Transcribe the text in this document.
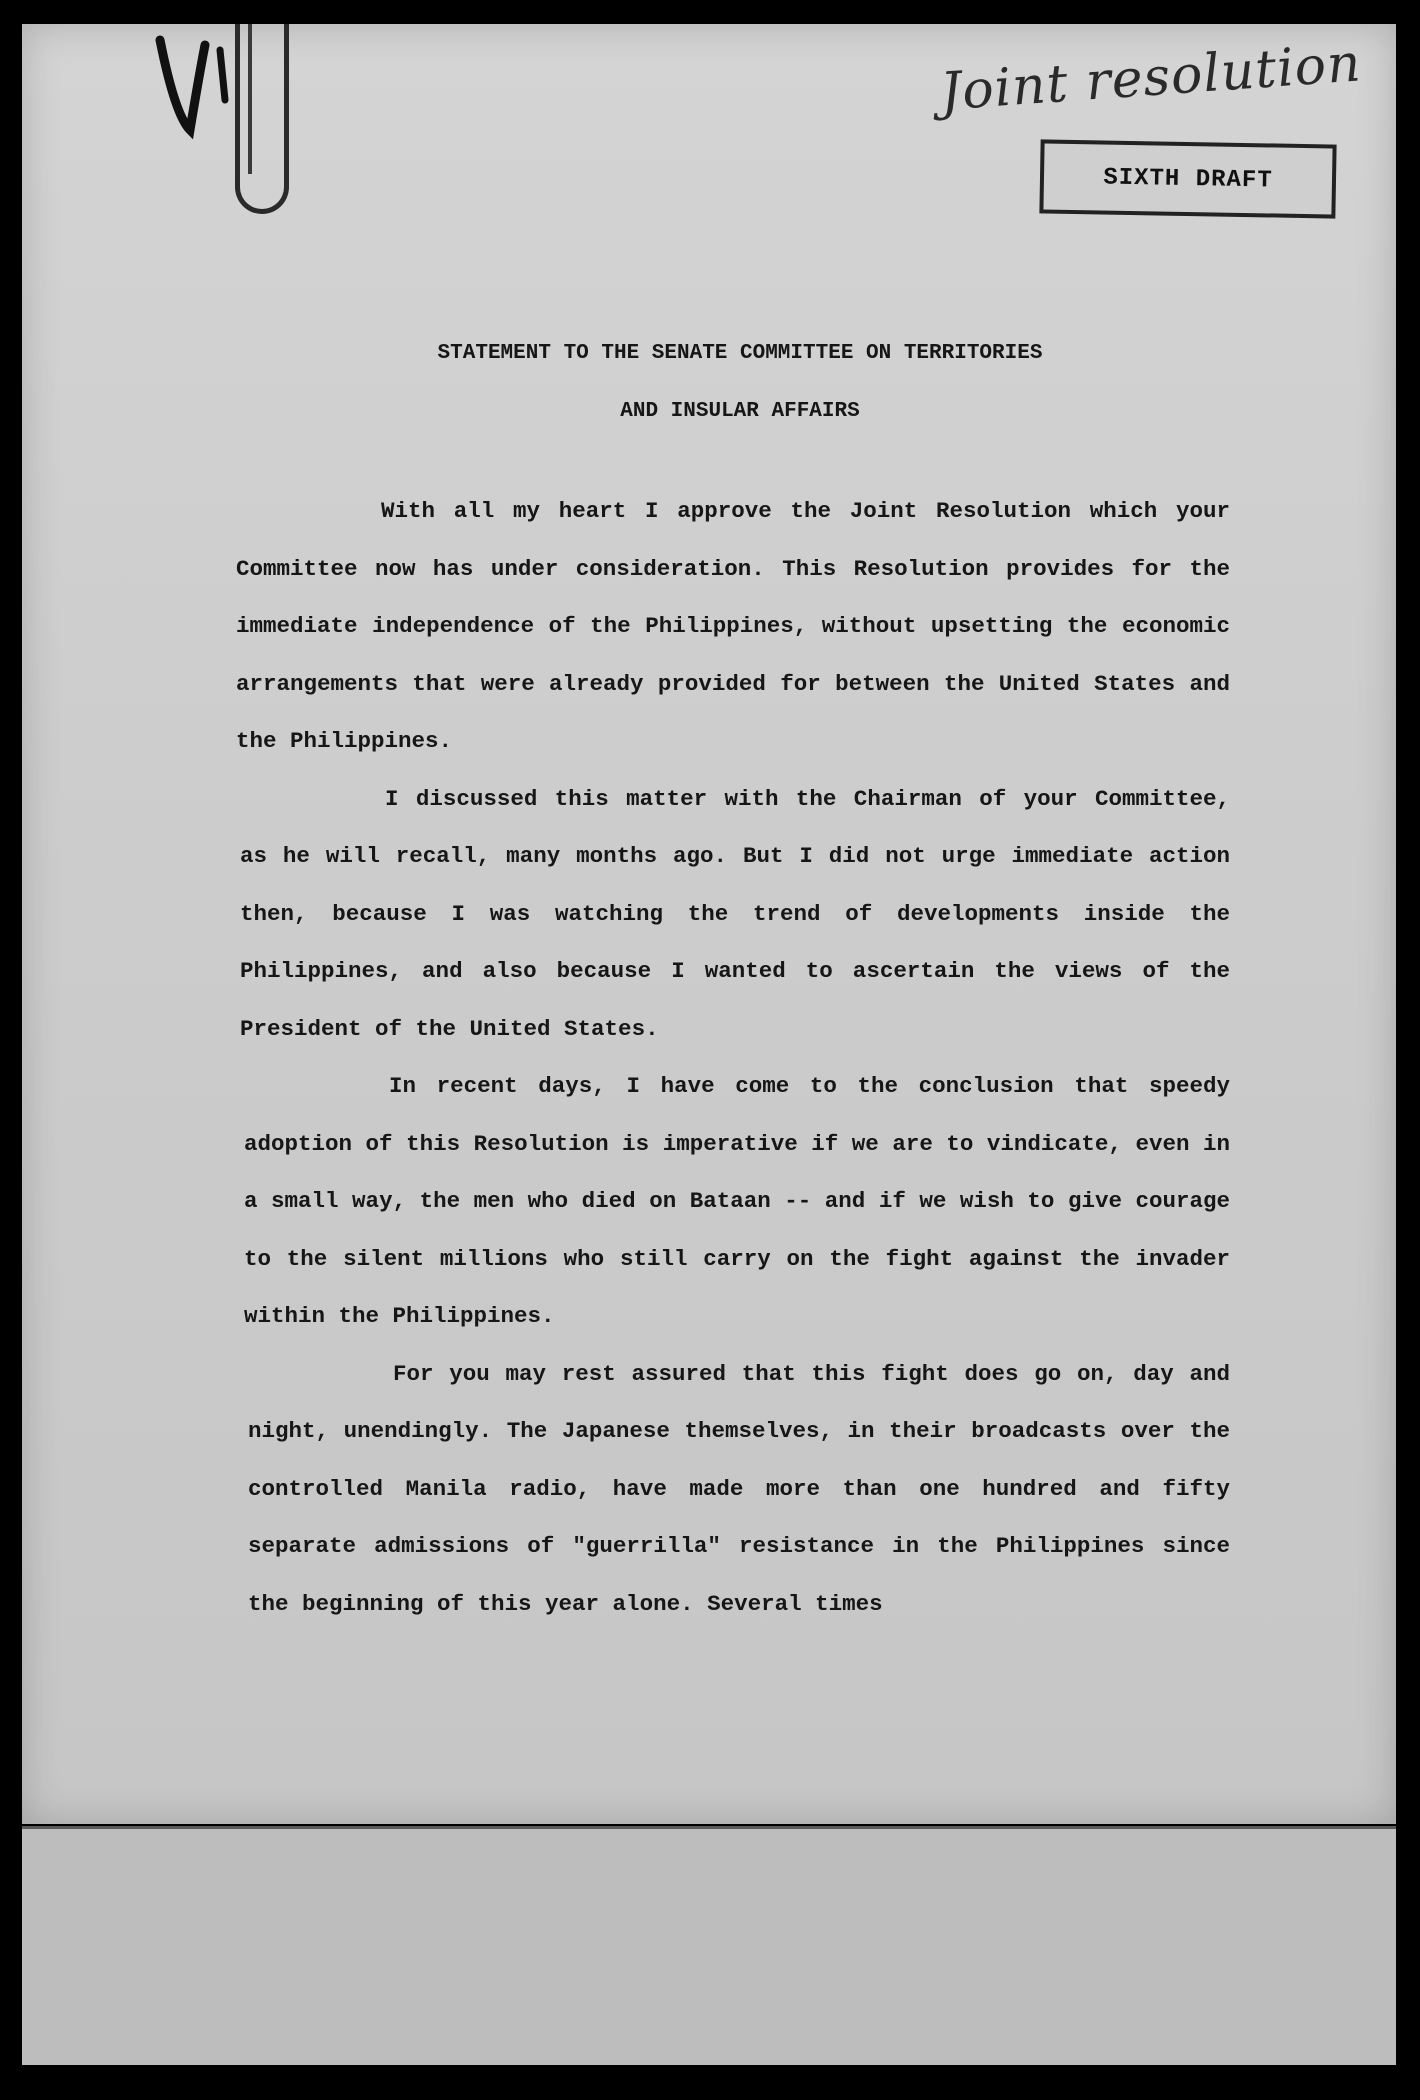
Joint resolution
SIXTH DRAFT
STATEMENT TO THE SENATE COMMITTEE ON TERRITORIES
AND INSULAR AFFAIRS

With all my heart I approve the Joint Resolution which your Committee now has under consideration. This Resolution provides for the immediate independence of the Philippines, without upsetting the economic arrangements that were already provided for between the United States and the Philippines.

I discussed this matter with the Chairman of your Committee, as he will recall, many months ago. But I did not urge immediate action then, because I was watching the trend of developments inside the Philippines, and also because I wanted to ascertain the views of the President of the United States.

In recent days, I have come to the conclusion that speedy adoption of this Resolution is imperative if we are to vindicate, even in a small way, the men who died on Bataan -- and if we wish to give courage to the silent millions who still carry on the fight against the invader within the Philippines.

For you may rest assured that this fight does go on, day and night, unendingly. The Japanese themselves, in their broadcasts over the controlled Manila radio, have made more than one hundred and fifty separate admissions of "guerrilla" resistance in the Philippines since the beginning of this year alone. Several times
